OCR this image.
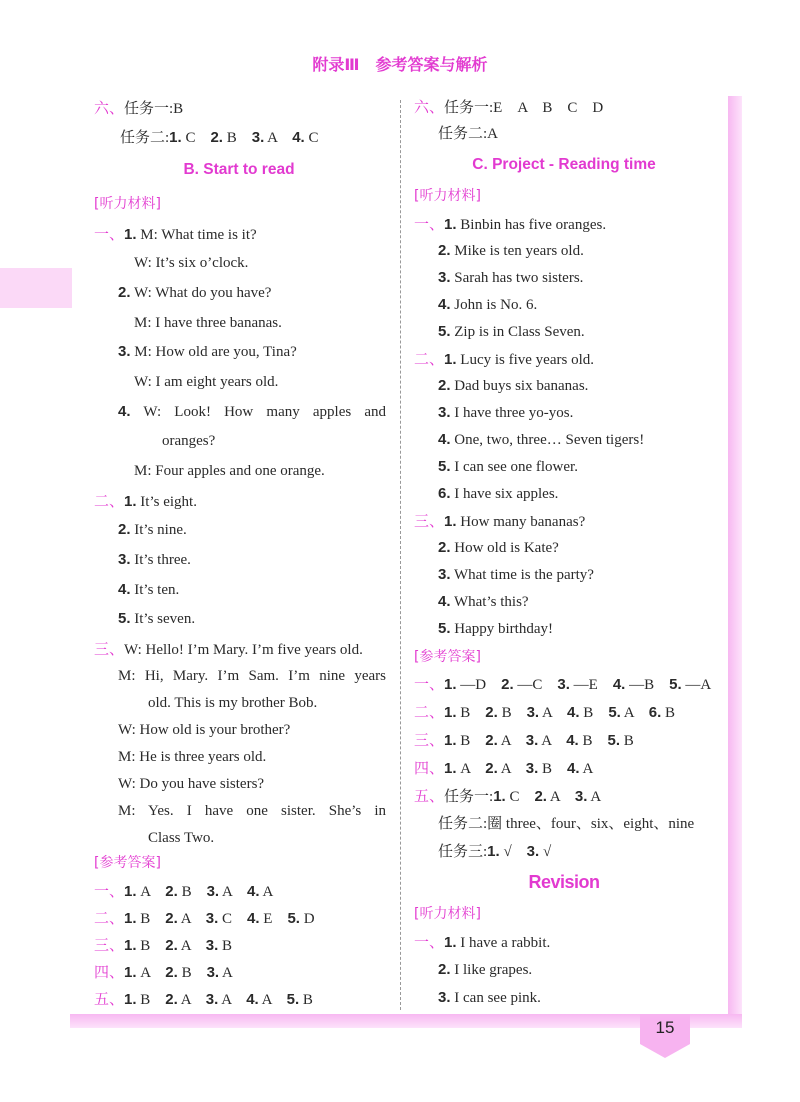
附录Ⅲ　参考答案与解析
六、任务一:B
任务二:1. C　2. B　3. A　4. C
B. Start to read
[听力材料]
一、1. M: What time is it?
W: It’s six o’clock.
2. W: What do you have?
M: I have three bananas.
3. M: How old are you, Tina?
W: I am eight years old.
4. W: Look! How many apples and
oranges?
M: Four apples and one orange.
二、1. It’s eight.
2. It’s nine.
3. It’s three.
4. It’s ten.
5. It’s seven.
三、W: Hello! I’m Mary. I’m five years old.
M: Hi, Mary. I’m Sam. I’m nine years
old. This is my brother Bob.
W: How old is your brother?
M: He is three years old.
W: Do you have sisters?
M: Yes. I have one sister. She’s in
Class Two.
[参考答案]
一、1. A　2. B　3. A　4. A
二、1. B　2. A　3. C　4. E　5. D
三、1. B　2. A　3. B
四、1. A　2. B　3. A
五、1. B　2. A　3. A　4. A　5. B
六、任务一:E　A　B　C　D
任务二:A
C. Project - Reading time
[听力材料]
一、1. Binbin has five oranges.
2. Mike is ten years old.
3. Sarah has two sisters.
4. John is No. 6.
5. Zip is in Class Seven.
二、1. Lucy is five years old.
2. Dad buys six bananas.
3. I have three yo-yos.
4. One, two, three… Seven tigers!
5. I can see one flower.
6. I have six apples.
三、1. How many bananas?
2. How old is Kate?
3. What time is the party?
4. What’s this?
5. Happy birthday!
[参考答案]
一、1. —D　2. —C　3. —E　4. —B　5. —A
二、1. B　2. B　3. A　4. B　5. A　6. B
三、1. B　2. A　3. A　4. B　5. B
四、1. A　2. A　3. B　4. A
五、任务一:1. C　2. A　3. A
任务二:圈 three、four、six、eight、nine
任务三:1. √　3. √
Revision
[听力材料]
一、1. I have a rabbit.
2. I like grapes.
3. I can see pink.
15
